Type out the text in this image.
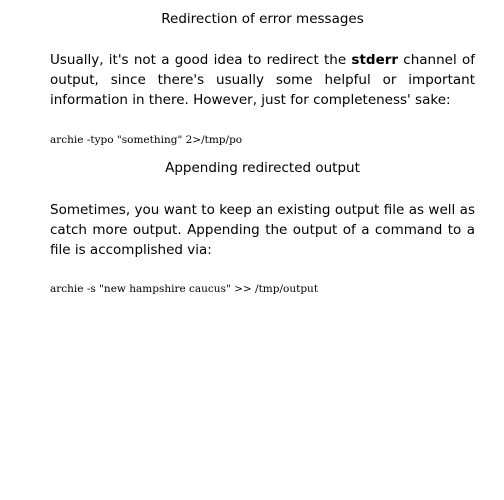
Redirection of error messages

Usually, it's not a good idea to redirect the stderr channel of output, since there's usually some helpful or important information in there. However, just for completeness' sake:

archie -typo "something" 2>/tmp/po
Appending redirected output

Sometimes, you want to keep an existing output file as well as catch more output. Appending the output of a command to a file is accomplished via:

archie -s "new hampshire caucus" >> /tmp/output
